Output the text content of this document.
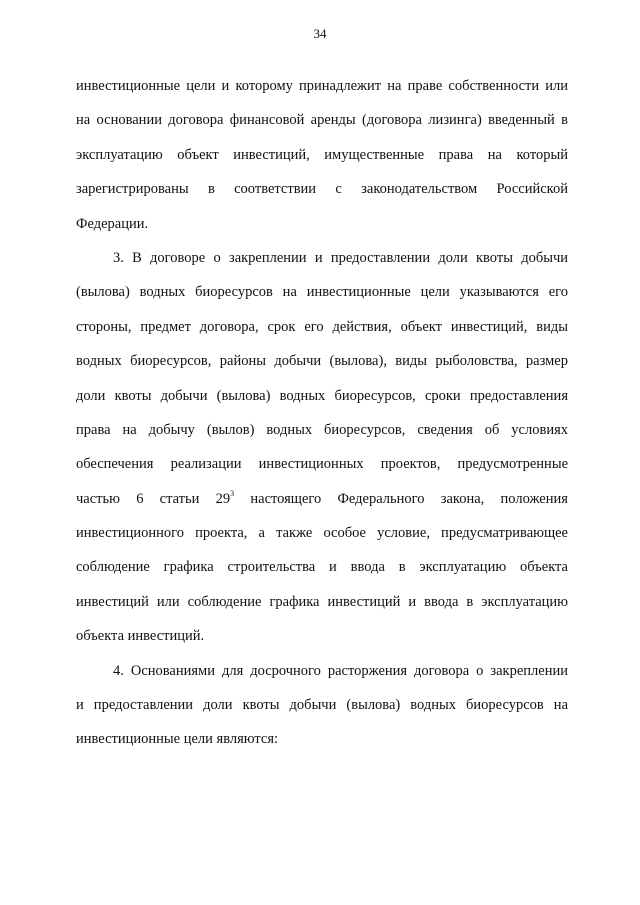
34
инвестиционные цели и которому принадлежит на праве собственности или
на основании договора финансовой аренды (договора лизинга) введенный в
эксплуатацию объект инвестиций, имущественные права на который
зарегистрированы в соответствии с законодательством Российской
Федерации.
3. В договоре о закреплении и предоставлении доли квоты добычи
(вылова) водных биоресурсов на инвестиционные цели указываются его
стороны, предмет договора, срок его действия, объект инвестиций, виды
водных биоресурсов, районы добычи (вылова), виды рыболовства, размер
доли квоты добычи (вылова) водных биоресурсов, сроки предоставления
права на добычу (вылов) водных биоресурсов, сведения об условиях
обеспечения реализации инвестиционных проектов, предусмотренные
частью 6 статьи $29^3$ настоящего Федерального закона, положения
инвестиционного проекта, а также особое условие, предусматривающее
соблюдение графика строительства и ввода в эксплуатацию объекта
инвестиций или соблюдение графика инвестиций и ввода в эксплуатацию
объекта инвестиций.
4. Основаниями для досрочного расторжения договора о закреплении
и предоставлении доли квоты добычи (вылова) водных биоресурсов на
инвестиционные цели являются:
